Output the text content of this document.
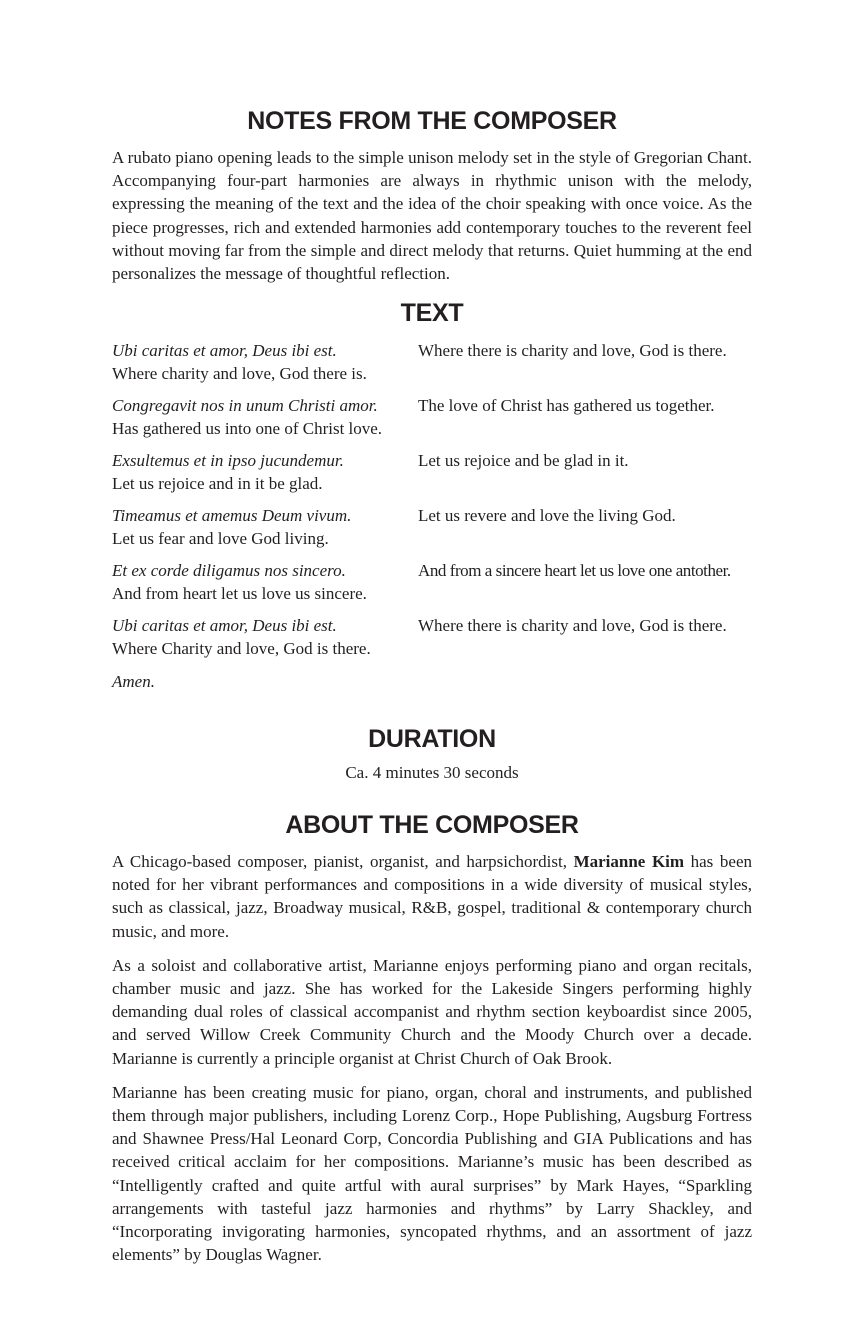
NOTES FROM THE COMPOSER

A rubato piano opening leads to the simple unison melody set in the style of Gregorian Chant. Accompanying four-part harmonies are always in rhythmic unison with the melody, expressing the meaning of the text and the idea of the choir speaking with once voice. As the piece progresses, rich and extended harmonies add contemporary touches to the reverent feel without moving far from the simple and direct melody that returns. Quiet humming at the end personalizes the message of thoughtful reflection.

TEXT
Ubi caritas et amor, Deus ibi est.
Where charity and love, God there is.
Where there is charity and love, God is there.
Congregavit nos in unum Christi amor.
Has gathered us into one of Christ love.
The love of Christ has gathered us together.
Exsultemus et in ipso jucundemur.
Let us rejoice and in it be glad.
Let us rejoice and be glad in it.
Timeamus et amemus Deum vivum.
Let us fear and love God living.
Let us revere and love the living God.
Et ex corde diligamus nos sincero.
And from heart let us love us sincere.
And from a sincere heart let us love one antother.
Ubi caritas et amor, Deus ibi est.
Where Charity and love, God is there.
Where there is charity and love, God is there.
Amen.
DURATION
Ca. 4 minutes 30 seconds
ABOUT THE COMPOSER

A Chicago-based composer, pianist, organist, and harpsichordist, Marianne Kim has been noted for her vibrant performances and compositions in a wide diversity of musical styles, such as classical, jazz, Broadway musical, R&B, gospel, traditional & contemporary church music, and more.

As a soloist and collaborative artist, Marianne enjoys performing piano and organ recitals, chamber music and jazz. She has worked for the Lakeside Singers performing highly demanding dual roles of classical accompanist and rhythm section keyboardist since 2005, and served Willow Creek Community Church and the Moody Church over a decade. Marianne is currently a principle organist at Christ Church of Oak Brook.

Marianne has been creating music for piano, organ, choral and instruments, and published them through major publishers, including Lorenz Corp., Hope Publishing, Augsburg Fortress and Shawnee Press/Hal Leonard Corp, Concordia Publishing and GIA Publications and has received critical acclaim for her compositions. Marianne’s music has been described as “Intelligently crafted and quite artful with aural surprises” by Mark Hayes, “Sparkling arrangements with tasteful jazz harmonies and rhythms” by Larry Shackley, and “Incorporating invigorating harmonies, syncopated rhythms, and an assortment of jazz elements” by Douglas Wagner.
